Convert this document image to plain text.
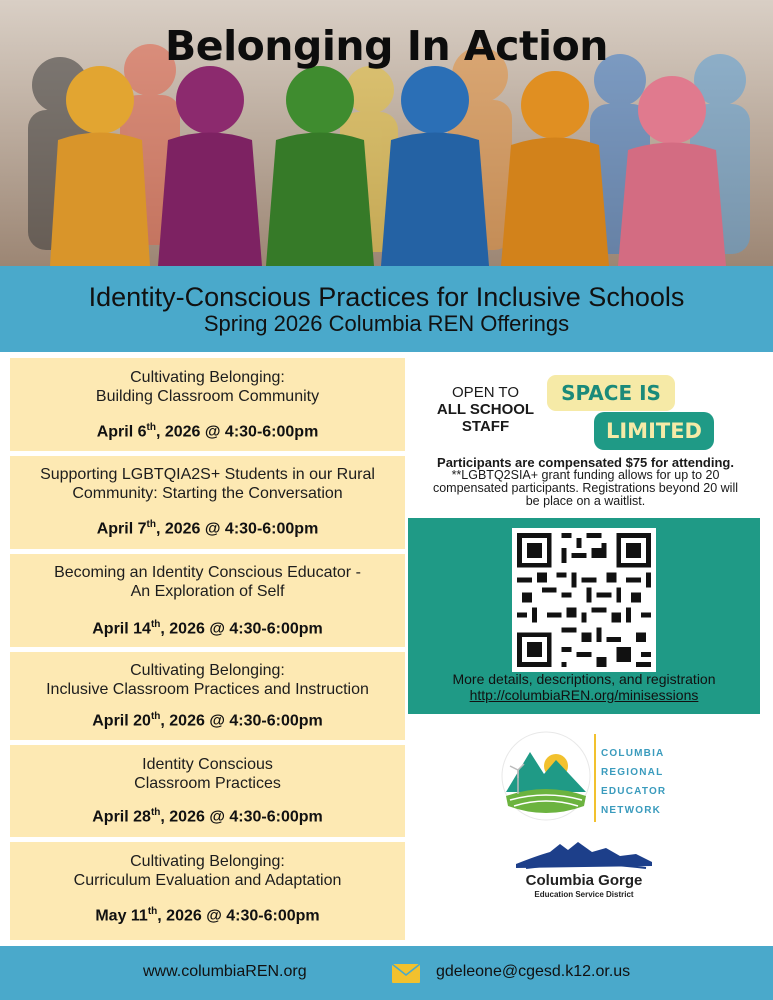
Belonging In Action
Identity-Conscious Practices for Inclusive Schools
Spring 2026 Columbia REN Offerings
Cultivating Belonging:
Building Classroom Community
April 6th, 2026 @ 4:30-6:00pm
Supporting LGBTQIA2S+ Students in our Rural
Community: Starting the Conversation
April 7th, 2026 @ 4:30-6:00pm
Becoming an Identity Conscious Educator -
An Exploration of Self
April 14th, 2026 @ 4:30-6:00pm
Cultivating Belonging:
Inclusive Classroom Practices and Instruction
April 20th, 2026 @ 4:30-6:00pm
Identity Conscious
Classroom Practices
April 28th, 2026 @ 4:30-6:00pm
Cultivating Belonging:
Curriculum Evaluation and Adaptation
May 11th, 2026 @ 4:30-6:00pm
OPEN TO
ALL SCHOOL
STAFF
SPACE IS
LIMITED
Participants are compensated $75 for attending.
**LGBTQ2SIA+ grant funding allows for up to 20
compensated participants. Registrations beyond 20 will
be place on a waitlist.
More details, descriptions, and registration
http://columbiaREN.org/minisessions
COLUMBIA
REGIONAL
EDUCATOR
NETWORK
Columbia Gorge
Education Service District
www.columbiaREN.org	gdeleone@cgesd.k12.or.us
